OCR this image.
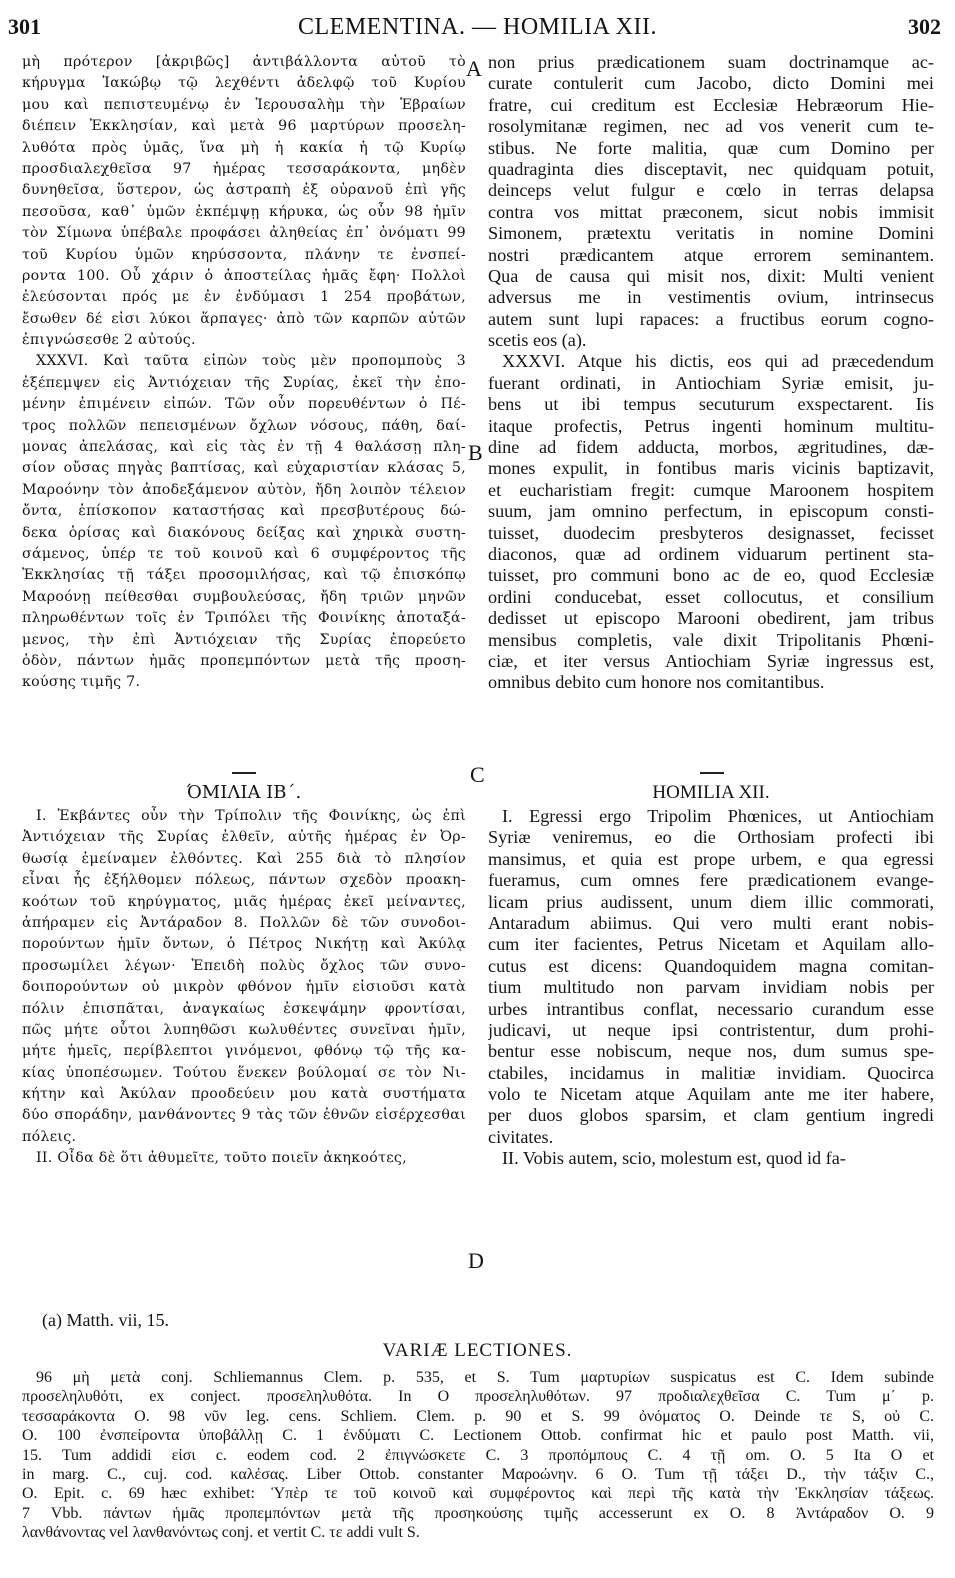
301	CLEMENTINA. — HOMILIA XII.	302
μὴ πρότερον [ἀκριβῶς] ἀντιβάλλοντα αὐτοῦ τὸ
κήρυγμα Ἰακώβῳ τῷ λεχθέντι ἀδελφῷ τοῦ Κυρίου
μου καὶ πεπιστευμένῳ ἐν Ἱερουσαλὴμ τὴν Ἑβραίων
διέπειν Ἐκκλησίαν, καὶ μετὰ 96 μαρτύρων προσελη-
λυθότα πρὸς ὑμᾶς, ἵνα μὴ ἡ κακία ἡ τῷ Κυρίῳ
προσδιαλεχθεῖσα 97 ἡμέρας τεσσαράκοντα, μηδὲν
δυνηθεῖσα, ὕστερον, ὡς ἀστραπὴ ἐξ οὐρανοῦ ἐπὶ γῆς
πεσοῦσα, καθ᾽ ὑμῶν ἐκπέμψῃ κήρυκα, ὡς οὖν 98 ἡμῖν
τὸν Σίμωνα ὑπέβαλε προφάσει ἀληθείας ἐπ᾽ ὀνόματι 99
τοῦ Κυρίου ὑμῶν κηρύσσοντα, πλάνην τε ἐνσπεί-
ροντα 100. Οὗ χάριν ὁ ἀποστείλας ἡμᾶς ἔφη· Πολλοὶ
ἐλεύσονται πρός με ἐν ἐνδύμασι 1 254 προβάτων,
ἔσωθεν δέ εἰσι λύκοι ἅρπαγες· ἀπὸ τῶν καρπῶν αὐτῶν
ἐπιγνώσεσθε 2 αὐτούς.
XXXVI. Καὶ ταῦτα εἰπὼν τοὺς μὲν προπομποὺς 3
ἐξέπεμψεν εἰς Ἀντιόχειαν τῆς Συρίας, ἐκεῖ τὴν ἐπο-
μένην ἐπιμένειν εἰπών. Τῶν οὖν πορευθέντων ὁ Πέ-
τρος πολλῶν πεπεισμένων ὄχλων νόσους, πάθη, δαί-
μονας ἀπελάσας, καὶ εἰς τὰς ἐν τῇ 4 θαλάσσῃ πλη-
σίον οὔσας πηγὰς βαπτίσας, καὶ εὐχαριστίαν κλάσας 5,
Μαροόνην τὸν ἀποδεξάμενον αὐτὸν, ἤδη λοιπὸν τέλειον
ὄντα, ἐπίσκοπον καταστήσας καὶ πρεσβυτέρους δώ-
δεκα ὁρίσας καὶ διακόνους δείξας καὶ χηρικὰ συστη-
σάμενος, ὑπέρ τε τοῦ κοινοῦ καὶ 6 συμφέροντος τῆς
Ἐκκλησίας τῇ τάξει προσομιλήσας, καὶ τῷ ἐπισκόπῳ
Μαροόνῃ πείθεσθαι συμβουλεύσας, ἤδη τριῶν μηνῶν
πληρωθέντων τοῖς ἐν Τριπόλει τῆς Φοινίκης ἀποταξά-
μενος, τὴν ἐπὶ Ἀντιόχειαν τῆς Συρίας ἐπορεύετο
ὁδὸν, πάντων ἡμᾶς προπεμπόντων μετὰ τῆς προση-
κούσης τιμῆς 7.
non prius prædicationem suam doctrinamque ac-
curate contulerit cum Jacobo, dicto Domini mei
fratre, cui creditum est Ecclesiæ Hebræorum Hie-
rosolymitanæ regimen, nec ad vos venerit cum te-
stibus. Ne forte malitia, quæ cum Domino per
quadraginta dies disceptavit, nec quidquam potuit,
deinceps velut fulgur e cœlo in terras delapsa
contra vos mittat præconem, sicut nobis immisit
Simonem, prætextu veritatis in nomine Domini
nostri prædicantem atque errorem seminantem.
Qua de causa qui misit nos, dixit: Multi venient
adversus me in vestimentis ovium, intrinsecus
autem sunt lupi rapaces: a fructibus eorum cogno-
scetis eos (a).
XXXVI. Atque his dictis, eos qui ad præcedendum
fuerant ordinati, in Antiochiam Syriæ emisit, ju-
bens ut ibi tempus secuturum exspectarent. Iis
itaque profectis, Petrus ingenti hominum multitu-
dine ad fidem adducta, morbos, ægritudines, dæ-
mones expulit, in fontibus maris vicinis baptizavit,
et eucharistiam fregit: cumque Maroonem hospitem
suum, jam omnino perfectum, in episcopum consti-
tuisset, duodecim presbyteros designasset, fecisset
diaconos, quæ ad ordinem viduarum pertinent sta-
tuisset, pro communi bono ac de eo, quod Ecclesiæ
ordini conducebat, esset collocutus, et consilium
dedisset ut episcopo Marooni obedirent, jam tribus
mensibus completis, vale dixit Tripolitanis Phœni-
ciæ, et iter versus Antiochiam Syriæ ingressus est,
omnibus debito cum honore nos comitantibus.
A
B
C
D
ΌΜΙΛΙΑ ΙΒ΄.	HOMILIA XII.
I. Ἐκβάντες οὖν τὴν Τρίπολιν τῆς Φοινίκης, ὡς ἐπὶ
Ἀντιόχειαν τῆς Συρίας ἐλθεῖν, αὐτῆς ἡμέρας ἐν Ὀρ-
θωσίᾳ ἐμείναμεν ἐλθόντες. Καὶ 255 διὰ τὸ πλησίον
εἶναι ἧς ἐξήλθομεν πόλεως, πάντων σχεδὸν προακη-
κοότων τοῦ κηρύγματος, μιᾶς ἡμέρας ἐκεῖ μείναντες,
ἀπήραμεν εἰς Ἀντάραδον 8. Πολλῶν δὲ τῶν συνοδοι-
πορούντων ἡμῖν ὄντων, ὁ Πέτρος Νικήτῃ καὶ Ἀκύλᾳ
προσωμίλει λέγων· Ἐπειδὴ πολὺς ὄχλος τῶν συνο-
δοιπορούντων οὐ μικρὸν φθόνον ἡμῖν εἰσιοῦσι κατὰ
πόλιν ἐπισπᾶται, ἀναγκαίως ἐσκεψάμην φροντίσαι,
πῶς μήτε οὗτοι λυπηθῶσι κωλυθέντες συνεῖναι ἡμῖν,
μήτε ἡμεῖς, περίβλεπτοι γινόμενοι, φθόνῳ τῷ τῆς κα-
κίας ὑποπέσωμεν. Τούτου ἕνεκεν βούλομαί σε τὸν Νι-
κήτην καὶ Ἀκύλαν προοδεύειν μου κατὰ συστήματα
δύο σποράδην, μανθάνοντες 9 τὰς τῶν ἐθνῶν εἰσέρχεσθαι
πόλεις.
II. Οἶδα δὲ ὅτι ἀθυμεῖτε, τοῦτο ποιεῖν ἀκηκοότες,
I. Egressi ergo Tripolim Phœnices, ut Antiochiam
Syriæ veniremus, eo die Orthosiam profecti ibi
mansimus, et quia est prope urbem, e qua egressi
fueramus, cum omnes fere prædicationem evange-
licam prius audissent, unum diem illic commorati,
Antaradum abiimus. Qui vero multi erant nobis-
cum iter facientes, Petrus Nicetam et Aquilam allo-
cutus est dicens: Quandoquidem magna comitan-
tium multitudo non parvam invidiam nobis per
urbes intrantibus conflat, necessario curandum esse
judicavi, ut neque ipsi contristentur, dum prohi-
bentur esse nobiscum, neque nos, dum sumus spe-
ctabiles, incidamus in malitiæ invidiam. Quocirca
volo te Nicetam atque Aquilam ante me iter habere,
per duos globos sparsim, et clam gentium ingredi
civitates.
II. Vobis autem, scio, molestum est, quod id fa-
(a) Matth. vii, 15.
VARIÆ LECTIONES.
96 μὴ μετὰ conj. Schliemannus Clem. p. 535, et S. Tum μαρτυρίων suspicatus est C. Idem subinde
προσεληλυθότι, ex conject. προσεληλυθότα. In O προσεληλυθότων. 97 προδιαλεχθεῖσα C. Tum μ΄ p.
τεσσαράκοντα O. 98 νῦν leg. cens. Schliem. Clem. p. 90 et S. 99 ὀνόματος O. Deinde τε S, οὐ C.
O. 100 ἐνσπείροντα ὑποβάλλῃ C. 1 ἐνδύματι C. Lectionem Ottob. confirmat hic et paulo post Matth. vii,
15. Tum addidi εἰσι c. eodem cod. 2 ἐπιγνώσκετε C. 3 προπόμπους C. 4 τῇ om. O. 5 Ita O et
in marg. C., cuj. cod. καλέσας. Liber Ottob. constanter Μαροώνην. 6 O. Tum τῇ τάξει D., τὴν τάξιν C.,
O. Epit. c. 69 hæc exhibet: Ὑπὲρ τε τοῦ κοινοῦ καὶ συμφέροντος καὶ περὶ τῆς κατὰ τὴν Ἐκκλησίαν τάξεως.
7 Vbb. πάντων ἡμᾶς προπεμπόντων μετὰ τῆς προσηκούσης τιμῆς accesserunt ex O. 8 Ἀντάραδον O. 9
λανθάνοντας vel λανθανόντως conj. et vertit C. τε addi vult S.
